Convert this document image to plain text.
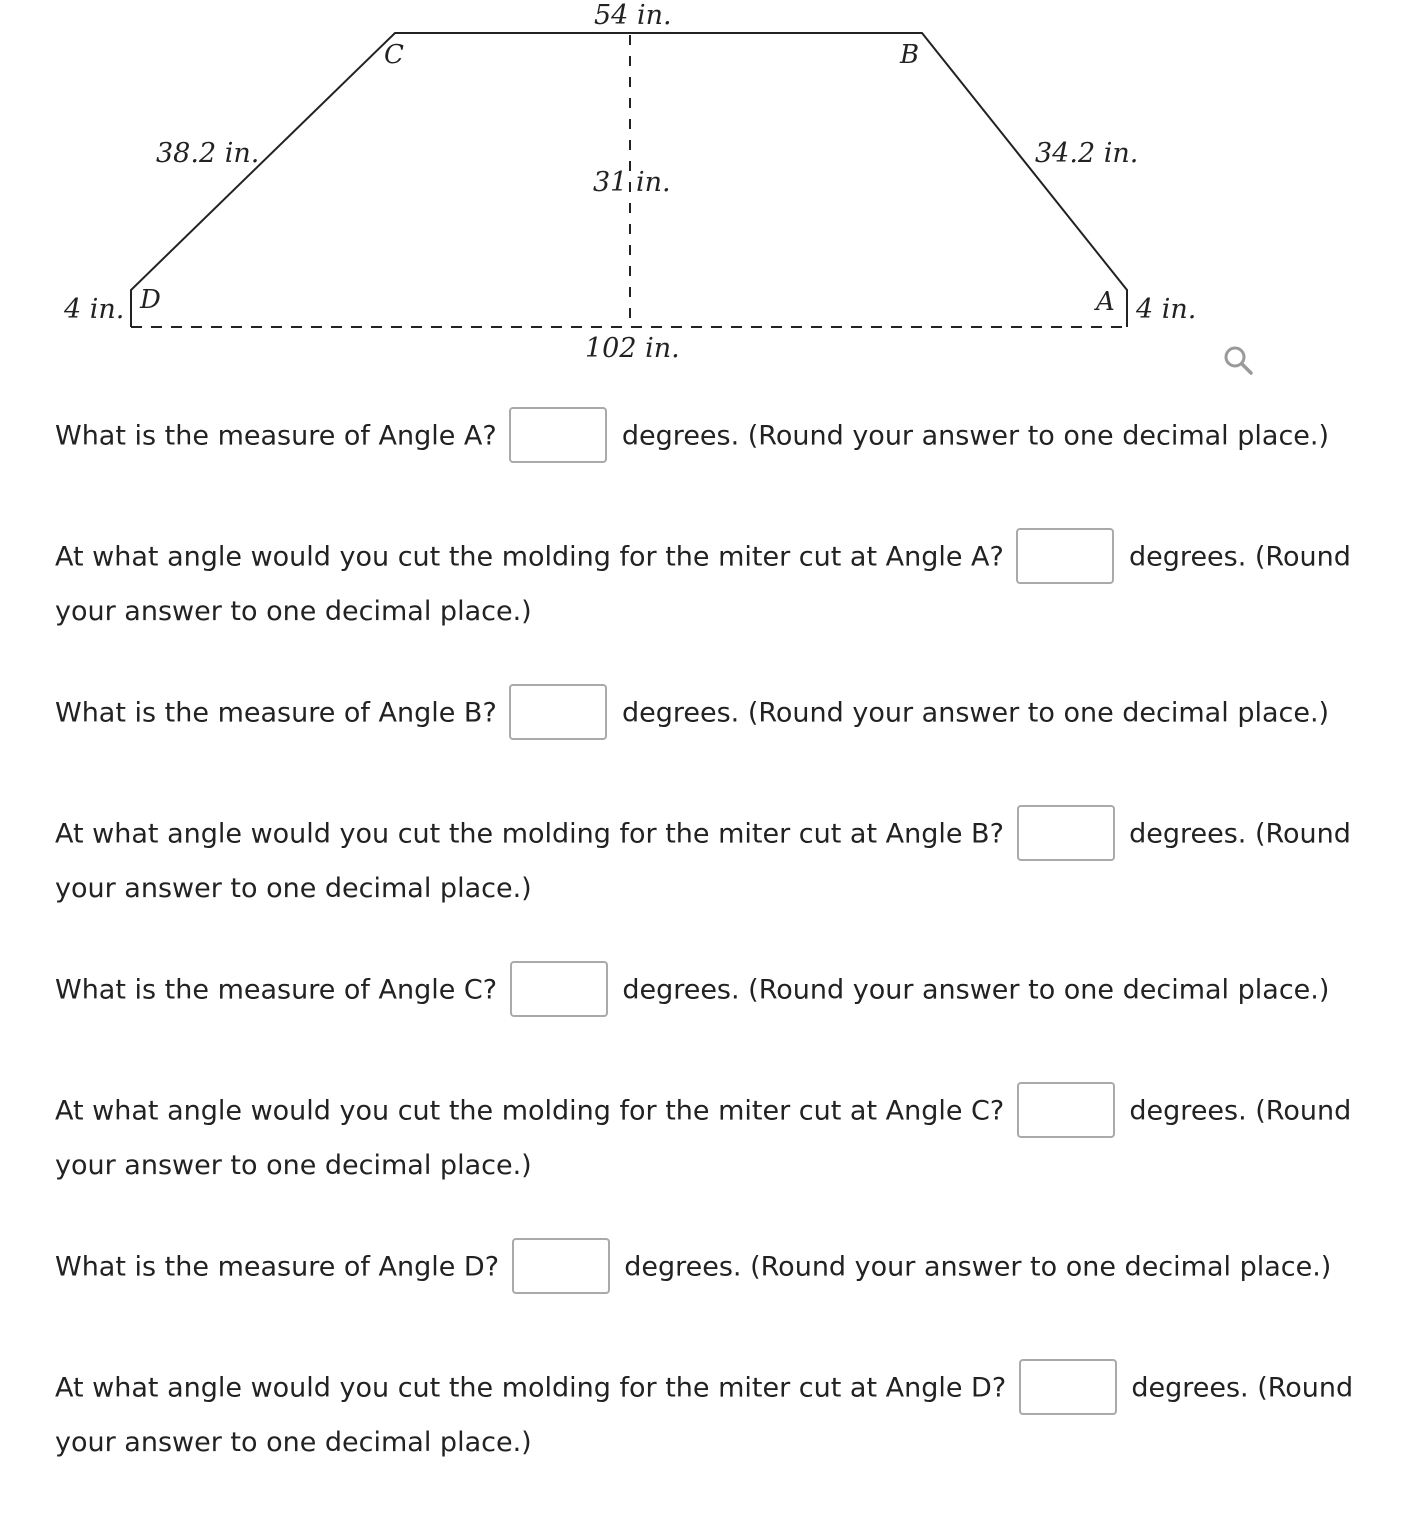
54 in.
C	B
38.2 in.	34.2 in.
31 in.
4 in. D	A 4 in.
102 in.
What is the measure of Angle A?	degrees. (Round your answer to one decimal place.)
At what angle would you cut the molding for the miter cut at Angle A?	degrees. (Round your answer to one decimal place.)
What is the measure of Angle B?	degrees. (Round your answer to one decimal place.)
At what angle would you cut the molding for the miter cut at Angle B?	degrees. (Round your answer to one decimal place.)
What is the measure of Angle C?	degrees. (Round your answer to one decimal place.)
At what angle would you cut the molding for the miter cut at Angle C?	degrees. (Round your answer to one decimal place.)
What is the measure of Angle D?	degrees. (Round your answer to one decimal place.)
At what angle would you cut the molding for the miter cut at Angle D?	degrees. (Round your answer to one decimal place.)
